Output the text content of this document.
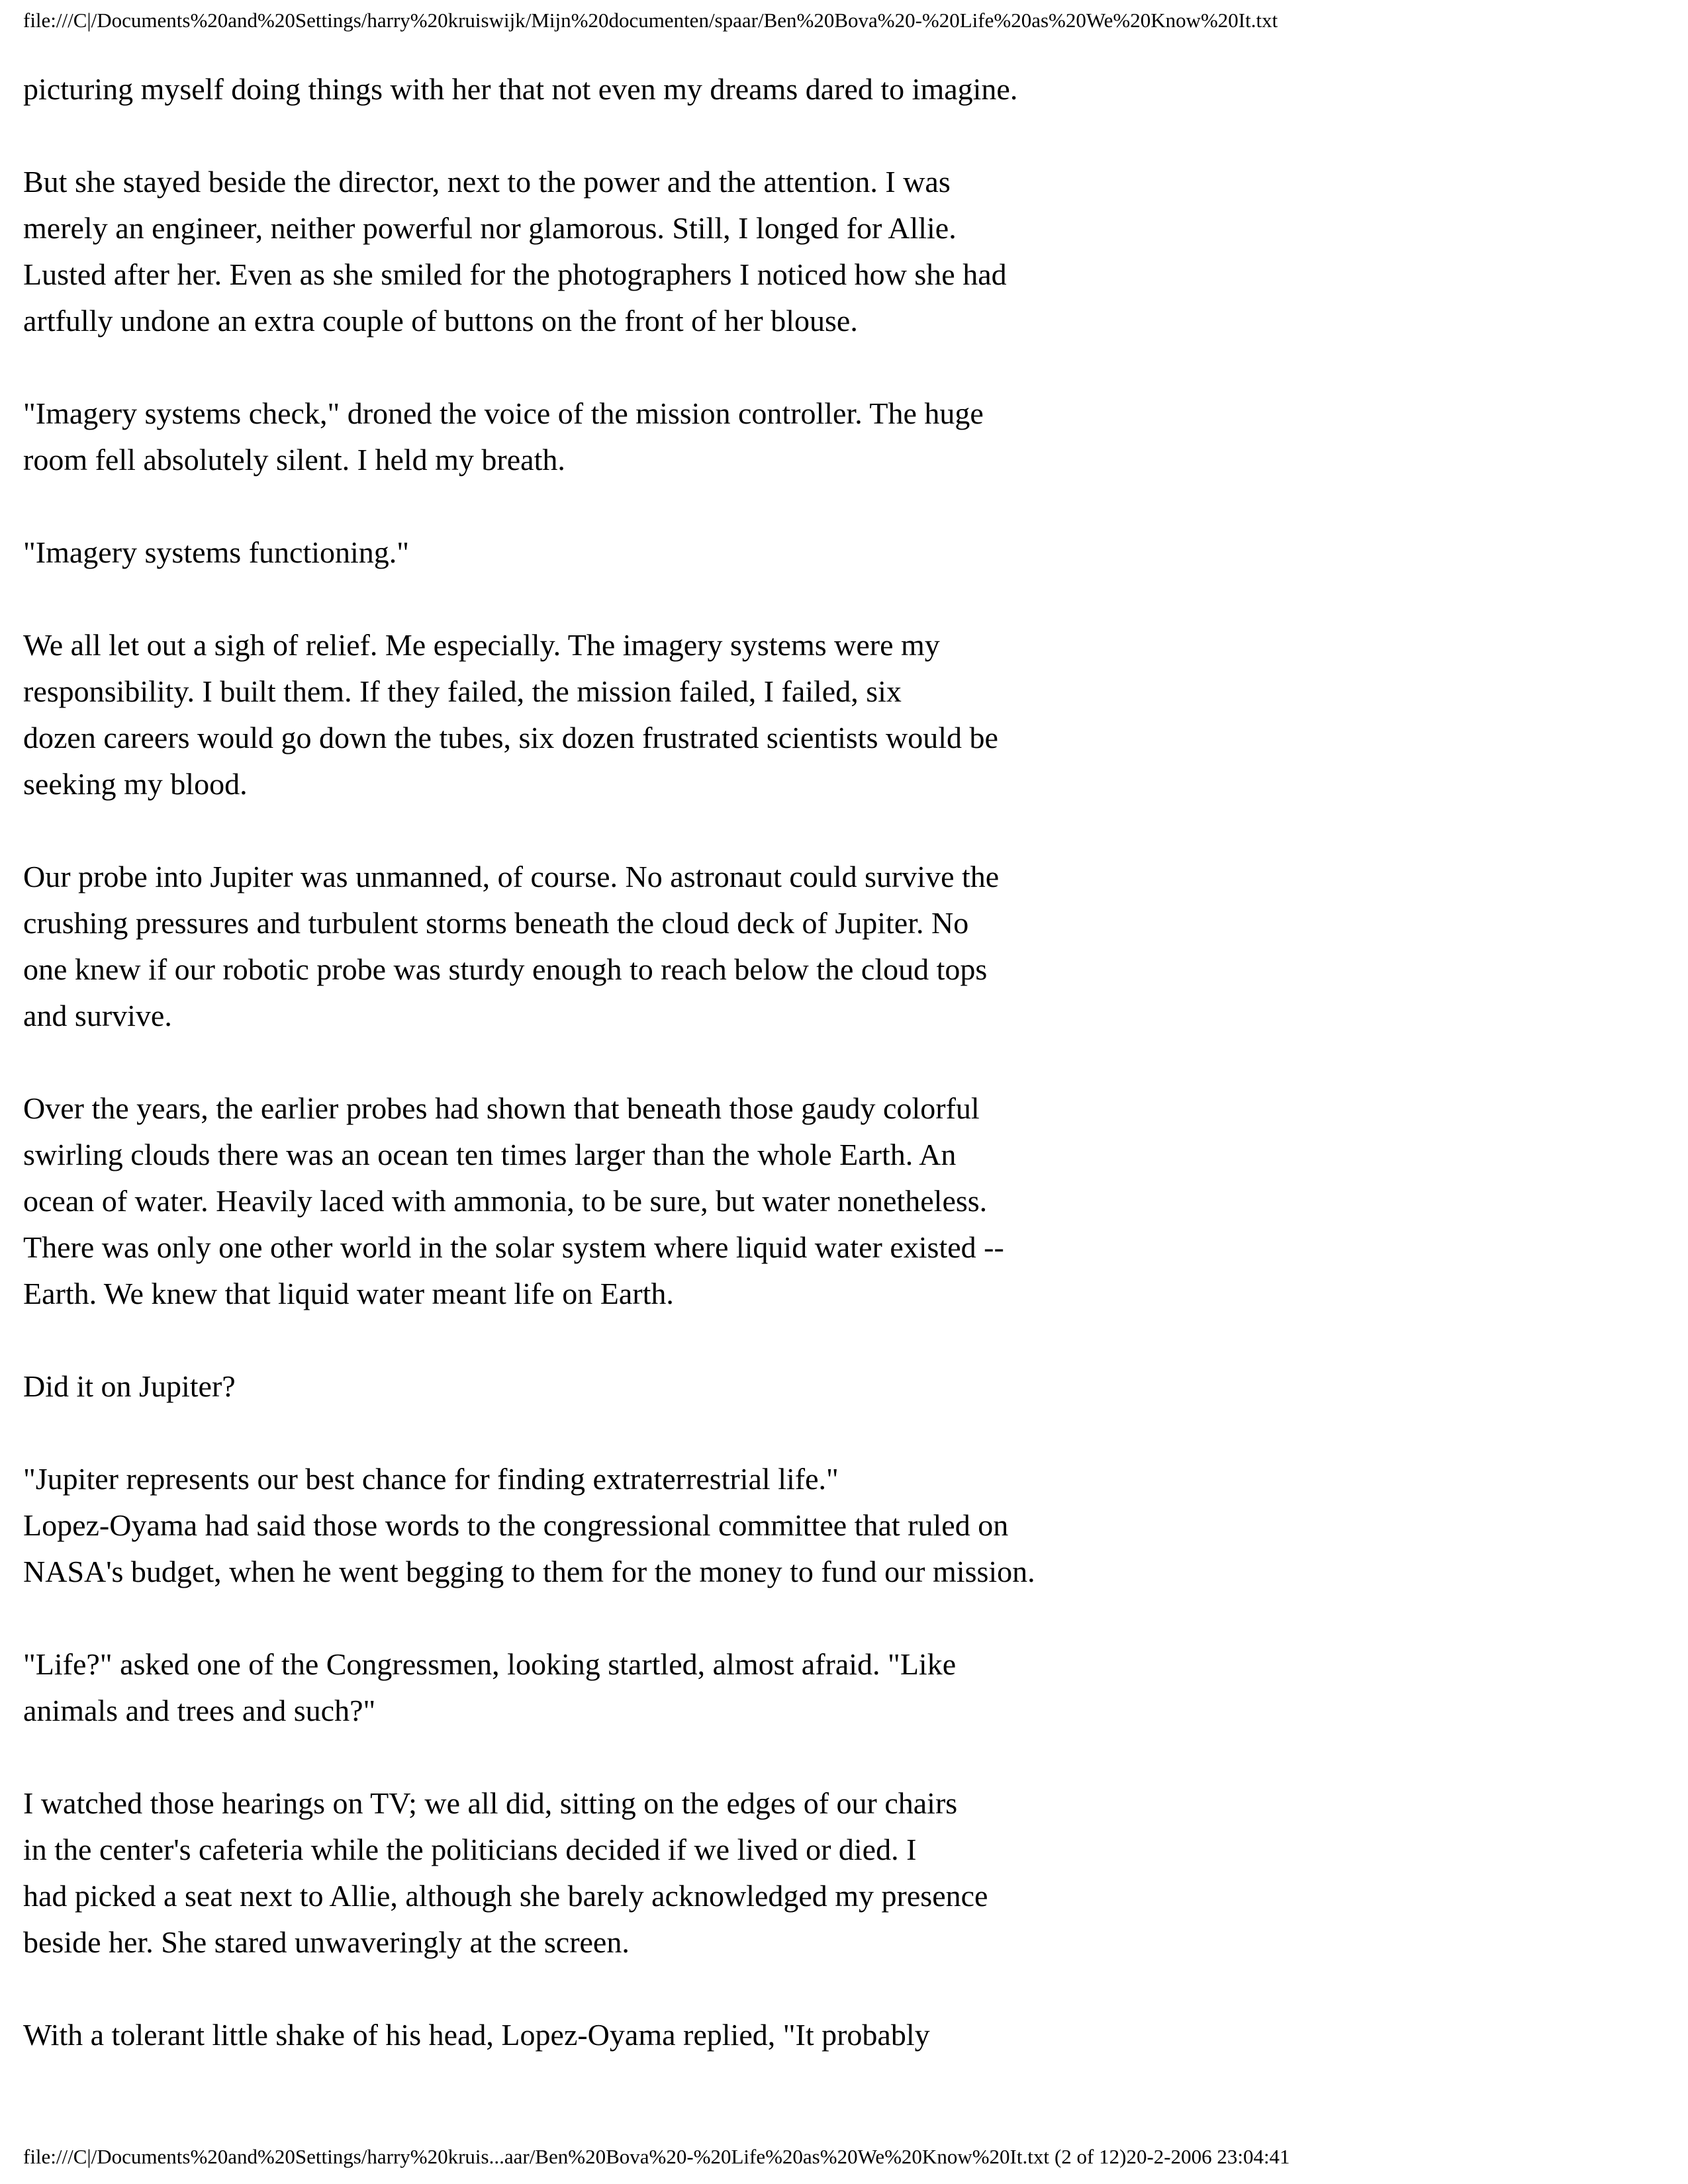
file:///C|/Documents%20and%20Settings/harry%20kruiswijk/Mijn%20documenten/spaar/Ben%20Bova%20-%20Life%20as%20We%20Know%20It.txt
picturing myself doing things with her that not even my dreams dared to imagine.

But she stayed beside the director, next to the power and the attention. I was
merely an engineer, neither powerful nor glamorous. Still, I longed for Allie.
Lusted after her. Even as she smiled for the photographers I noticed how she had
artfully undone an extra couple of buttons on the front of her blouse.

"Imagery systems check," droned the voice of the mission controller. The huge
room fell absolutely silent. I held my breath.

"Imagery systems functioning."

We all let out a sigh of relief. Me especially. The imagery systems were my
responsibility. I built them. If they failed, the mission failed, I failed, six
dozen careers would go down the tubes, six dozen frustrated scientists would be
seeking my blood.

Our probe into Jupiter was unmanned, of course. No astronaut could survive the
crushing pressures and turbulent storms beneath the cloud deck of Jupiter. No
one knew if our robotic probe was sturdy enough to reach below the cloud tops
and survive.

Over the years, the earlier probes had shown that beneath those gaudy colorful
swirling clouds there was an ocean ten times larger than the whole Earth. An
ocean of water. Heavily laced with ammonia, to be sure, but water nonetheless.
There was only one other world in the solar system where liquid water existed --
Earth. We knew that liquid water meant life on Earth.

Did it on Jupiter?

"Jupiter represents our best chance for finding extraterrestrial life."
Lopez-Oyama had said those words to the congressional committee that ruled on
NASA's budget, when he went begging to them for the money to fund our mission.

"Life?" asked one of the Congressmen, looking startled, almost afraid. "Like
animals and trees and such?"

I watched those hearings on TV; we all did, sitting on the edges of our chairs
in the center's cafeteria while the politicians decided if we lived or died. I
had picked a seat next to Allie, although she barely acknowledged my presence
beside her. She stared unwaveringly at the screen.

With a tolerant little shake of his head, Lopez-Oyama replied, "It probably
file:///C|/Documents%20and%20Settings/harry%20kruis...aar/Ben%20Bova%20-%20Life%20as%20We%20Know%20It.txt (2 of 12)20-2-2006 23:04:41
